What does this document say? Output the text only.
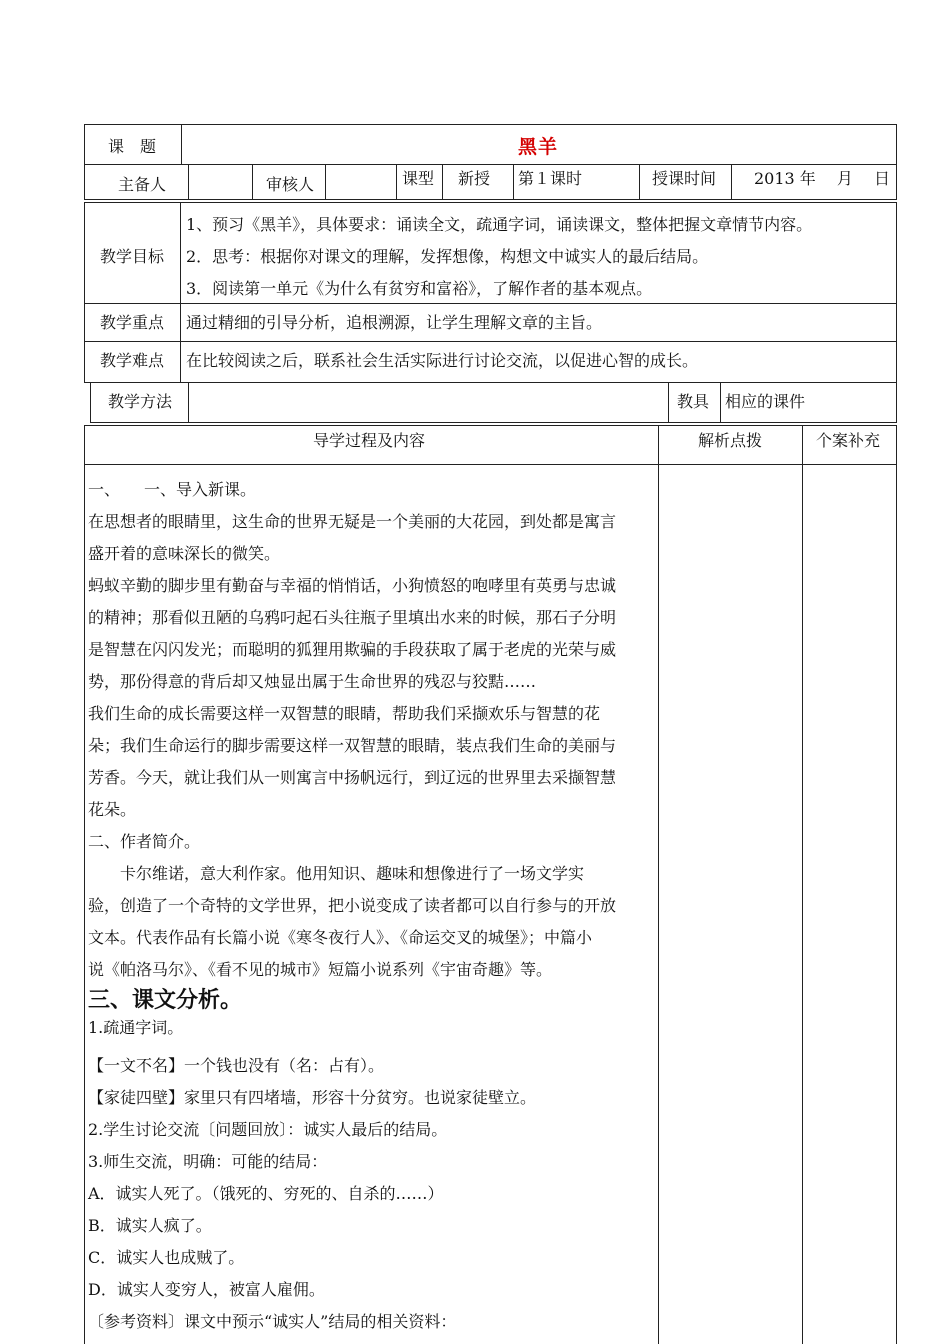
课　题	黑羊
主备人	审核人	课型 新授 第１课时	授课时间 2013 年　 月　 日
教学目标
1、预习《黑羊》，具体要求：诵读全文，疏通字词，诵读课文，整体把握文章情节内容。
2．思考：根据你对课文的理解，发挥想像，构想文中诚实人的最后结局。
3．阅读第一单元《为什么有贫穷和富裕》，了解作者的基本观点。
教学重点 通过精细的引导分析，追根溯源，让学生理解文章的主旨。
教学难点 在比较阅读之后，联系社会生活实际进行讨论交流，以促进心智的成长。
教学方法	教具 相应的课件
导学过程及内容	解析点拨	个案补充
一、　　一、导入新课。
在思想者的眼睛里，这生命的世界无疑是一个美丽的大花园，到处都是寓言
盛开着的意味深长的微笑。
蚂蚁辛勤的脚步里有勤奋与幸福的悄悄话，小狗愤怒的咆哮里有英勇与忠诚
的精神；那看似丑陋的乌鸦叼起石头往瓶子里填出水来的时候，那石子分明
是智慧在闪闪发光；而聪明的狐狸用欺骗的手段获取了属于老虎的光荣与威
势，那份得意的背后却又烛显出属于生命世界的残忍与狡黠……
我们生命的成长需要这样一双智慧的眼睛，帮助我们采撷欢乐与智慧的花
朵；我们生命运行的脚步需要这样一双智慧的眼睛，装点我们生命的美丽与
芳香。今天，就让我们从一则寓言中扬帆远行，到辽远的世界里去采撷智慧
花朵。
二、作者简介。
　　卡尔维诺，意大利作家。他用知识、趣味和想像进行了一场文学实
验，创造了一个奇特的文学世界，把小说变成了读者都可以自行参与的开放
文本。代表作品有长篇小说《寒冬夜行人》、《命运交叉的城堡》；中篇小
说《帕洛马尔》、《看不见的城市》短篇小说系列《宇宙奇趣》等。
三、课文分析。
1.疏通字词。
【一文不名】一个钱也没有（名：占有）。
【家徒四壁】家里只有四堵墙，形容十分贫穷。也说家徒壁立。
2.学生讨论交流〔问题回放〕：诚实人最后的结局。
3.师生交流，明确：可能的结局：
A．诚实人死了。（饿死的、穷死的、自杀的……）
B．诚实人疯了。
C．诚实人也成贼了。
D．诚实人变穷人，被富人雇佣。
〔参考资料〕课文中预示“诚实人”结局的相关资料：
